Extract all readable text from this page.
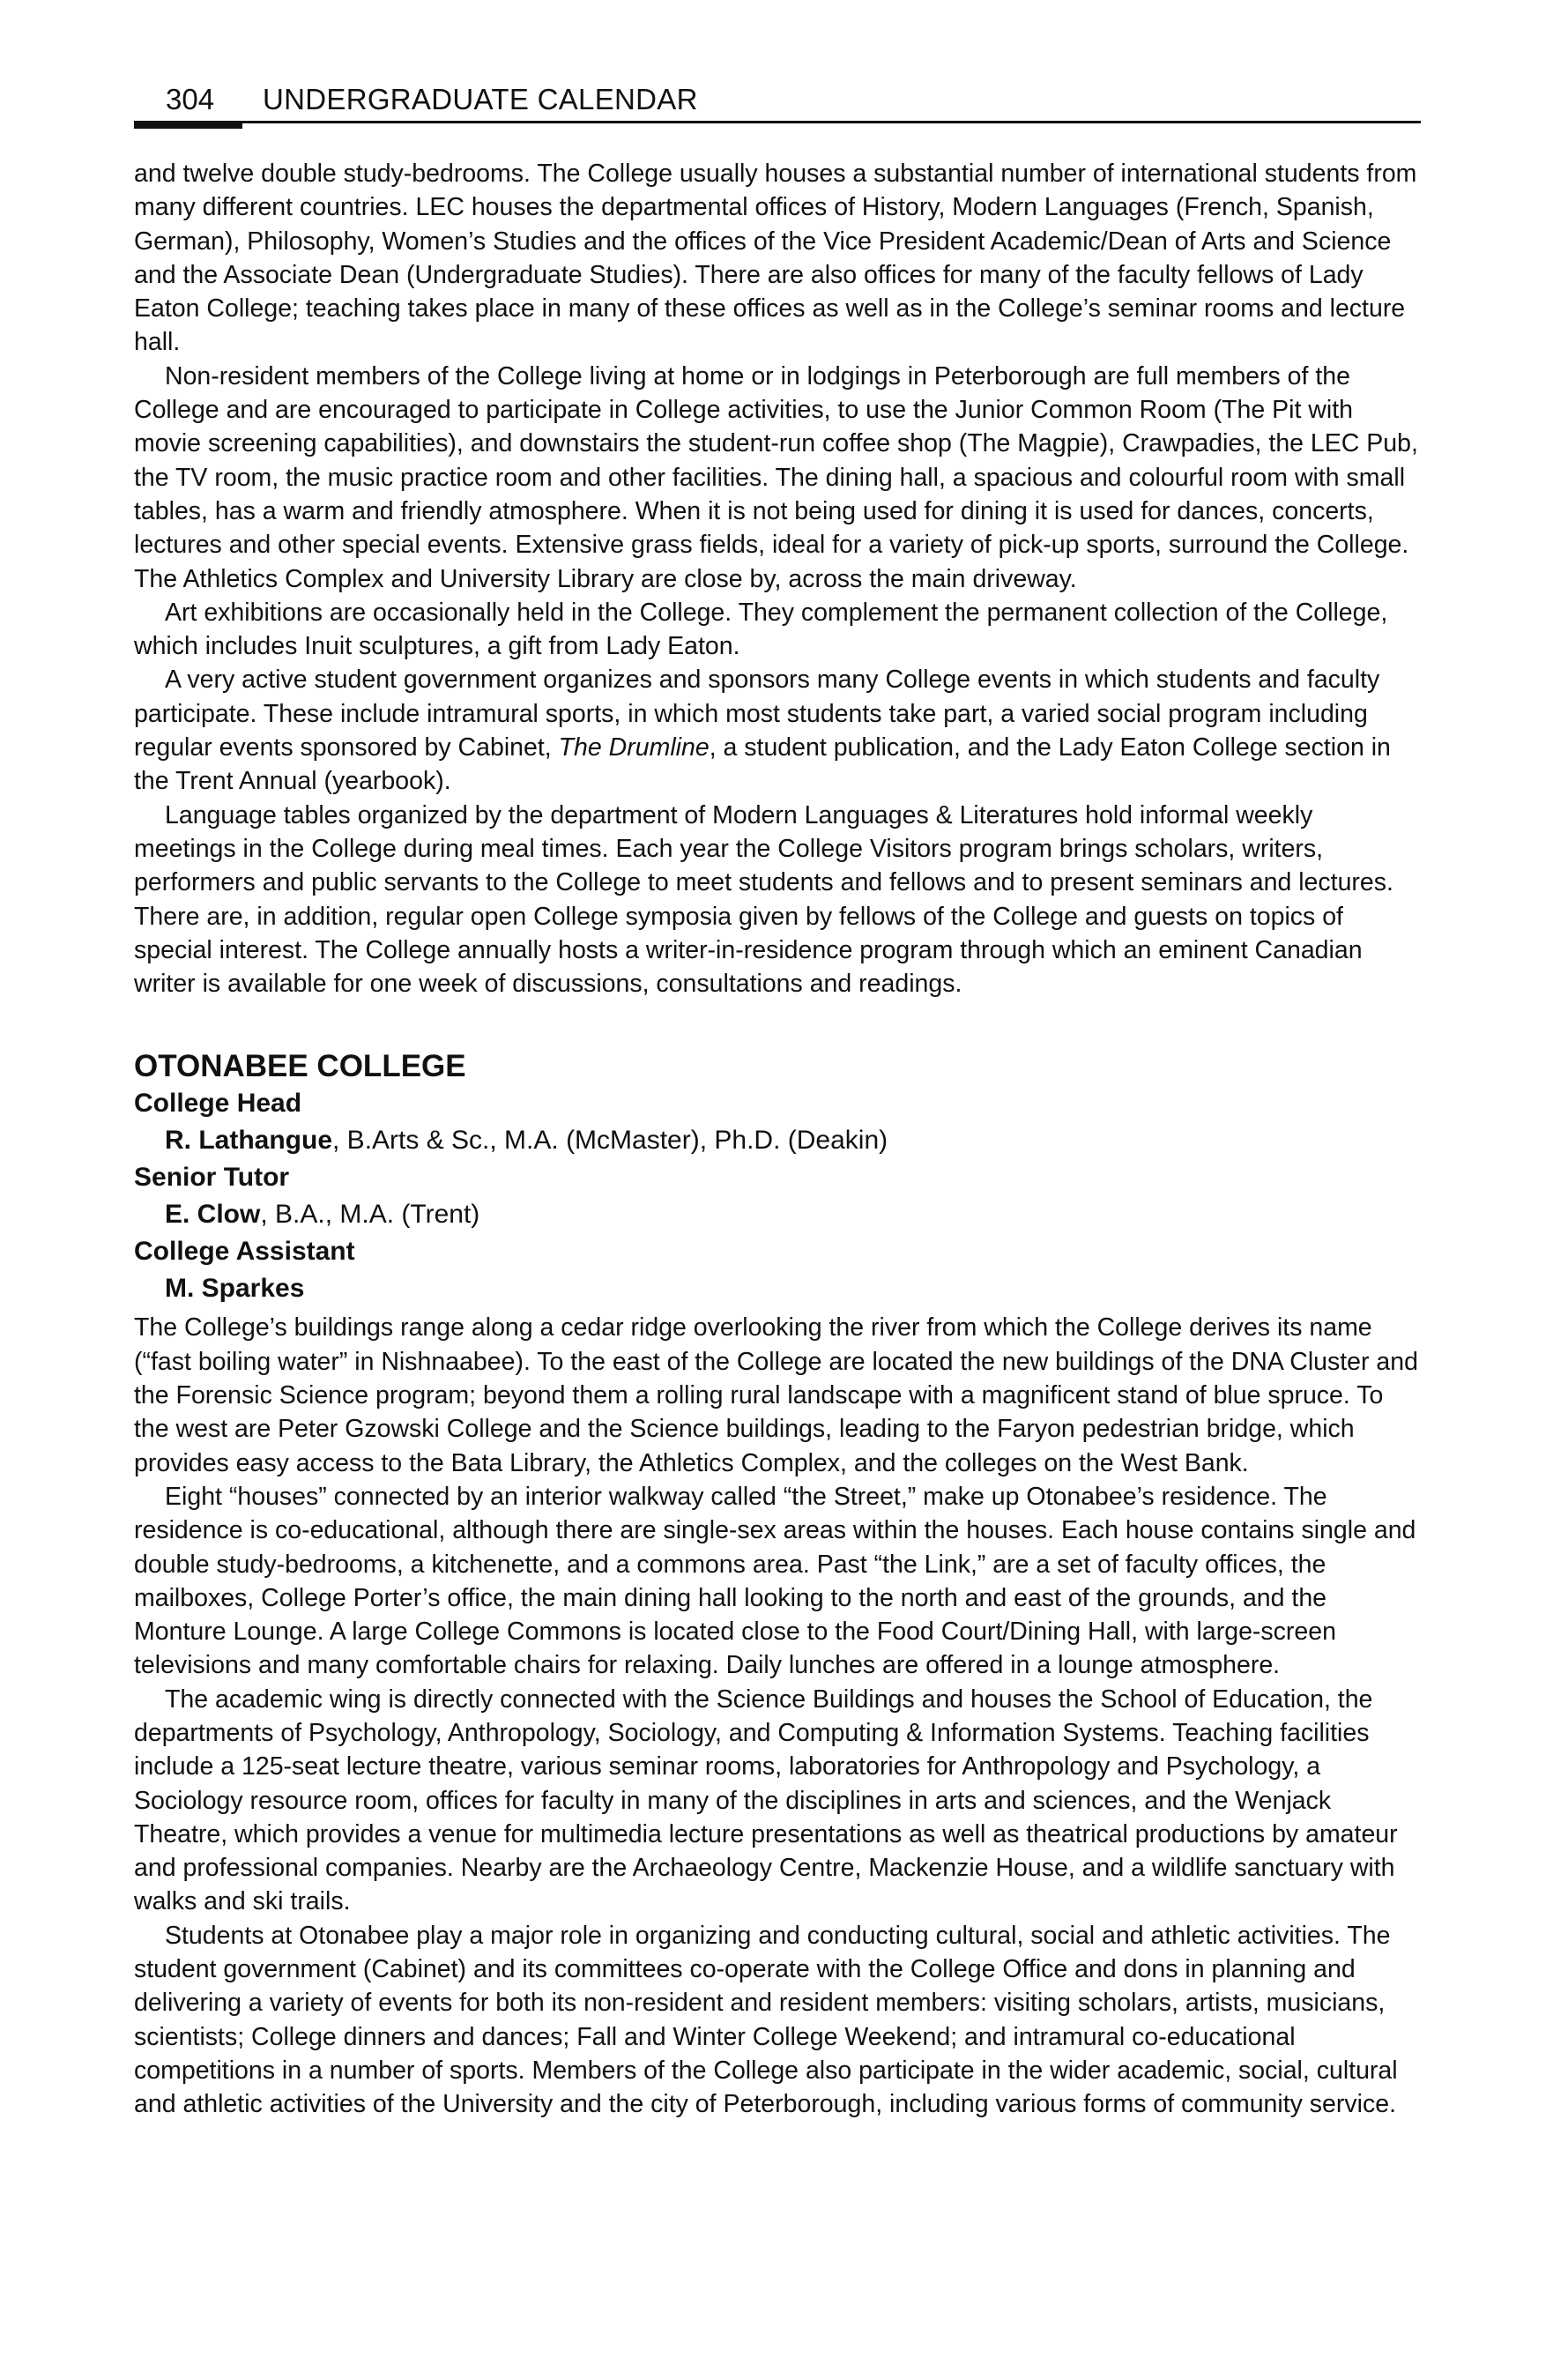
304 UNDERGRADUATE CALENDAR

and twelve double study-bedrooms. The College usually houses a substantial number of international students from many different countries. LEC houses the departmental offices of History, Modern Languages (French, Spanish, German), Philosophy, Women’s Studies and the offices of the Vice President Academic/Dean of Arts and Science and the Associate Dean (Undergraduate Studies). There are also offices for many of the faculty fellows of Lady Eaton College; teaching takes place in many of these offices as well as in the College’s seminar rooms and lecture hall.

Non-resident members of the College living at home or in lodgings in Peterborough are full members of the College and are encouraged to participate in College activities, to use the Junior Common Room (The Pit with movie screening capabilities), and downstairs the student-run coffee shop (The Magpie), Crawpadies, the LEC Pub, the TV room, the music practice room and other facilities. The dining hall, a spacious and colourful room with small tables, has a warm and friendly atmosphere. When it is not being used for dining it is used for dances, concerts, lectures and other special events. Extensive grass fields, ideal for a variety of pick-up sports, surround the College. The Athletics Complex and University Library are close by, across the main driveway.

Art exhibitions are occasionally held in the College. They complement the permanent collection of the College, which includes Inuit sculptures, a gift from Lady Eaton.

A very active student government organizes and sponsors many College events in which students and faculty participate. These include intramural sports, in which most students take part, a varied social program including regular events sponsored by Cabinet, The Drumline, a student publication, and the Lady Eaton College section in the Trent Annual (yearbook).

Language tables organized by the department of Modern Languages & Literatures hold informal weekly meetings in the College during meal times. Each year the College Visitors program brings scholars, writers, performers and public servants to the College to meet students and fellows and to present seminars and lectures. There are, in addition, regular open College symposia given by fellows of the College and guests on topics of special interest. The College annually hosts a writer-in-residence program through which an eminent Canadian writer is available for one week of discussions, consultations and readings.

OTONABEE COLLEGE

College Head
R. Lathangue, B.Arts & Sc., M.A. (McMaster), Ph.D. (Deakin)
Senior Tutor
E. Clow, B.A., M.A. (Trent)
College Assistant
M. Sparkes

The College’s buildings range along a cedar ridge overlooking the river from which the College derives its name (“fast boiling water” in Nishnaabee). To the east of the College are located the new buildings of the DNA Cluster and the Forensic Science program; beyond them a rolling rural landscape with a magnificent stand of blue spruce. To the west are Peter Gzowski College and the Science buildings, leading to the Faryon pedestrian bridge, which provides easy access to the Bata Library, the Athletics Complex, and the colleges on the West Bank.

Eight “houses” connected by an interior walkway called “the Street,” make up Otonabee’s residence. The residence is co-educational, although there are single-sex areas within the houses. Each house contains single and double study-bedrooms, a kitchenette, and a commons area. Past “the Link,” are a set of faculty offices, the mailboxes, College Porter’s office, the main dining hall looking to the north and east of the grounds, and the Monture Lounge. A large College Commons is located close to the Food Court/Dining Hall, with large-screen televisions and many comfortable chairs for relaxing. Daily lunches are offered in a lounge atmosphere.

The academic wing is directly connected with the Science Buildings and houses the School of Education, the departments of Psychology, Anthropology, Sociology, and Computing & Information Systems. Teaching facilities include a 125-seat lecture theatre, various seminar rooms, laboratories for Anthropology and Psychology, a Sociology resource room, offices for faculty in many of the disciplines in arts and sciences, and the Wenjack Theatre, which provides a venue for multimedia lecture presentations as well as theatrical productions by amateur and professional companies. Nearby are the Archaeology Centre, Mackenzie House, and a wildlife sanctuary with walks and ski trails.

Students at Otonabee play a major role in organizing and conducting cultural, social and athletic activities. The student government (Cabinet) and its committees co-operate with the College Office and dons in planning and delivering a variety of events for both its non-resident and resident members: visiting scholars, artists, musicians, scientists; College dinners and dances; Fall and Winter College Weekend; and intramural co-educational competitions in a number of sports. Members of the College also participate in the wider academic, social, cultural and athletic activities of the University and the city of Peterborough, including various forms of community service.
